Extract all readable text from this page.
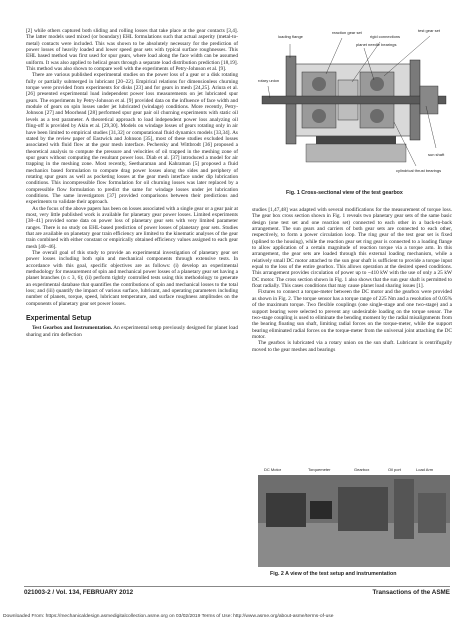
[2] while others captured both sliding and rolling losses that take place at the gear contacts [3,4]. The latter models used mixed (or boundary) EHL formulations such that actual asperity (metal-to-metal) contacts were included. This was shown to be absolutely necessary for the prediction of power losses of heavily loaded and lower speed gear sets with typical surface roughnesses. This EHL based method was first used for spur gears, where load along the face width can be assumed uniform. It was also applied to helical gears through a separate load distribution prediction [18,19]. This method was also shown to compare well with the experiments of Petry-Johnson et al. [9].

There are various published experimental studies on the power loss of a gear or a disk rotating fully or partially submerged in lubricant [20–22]. Empirical relations for dimensionless churning torque were provided from experiments for disks [23] and for gears in mesh [24,25]. Ariura et al. [26] presented experimental load independent power loss measurements on jet lubricated spur gears. The experiments by Petry-Johnson et al. [9] provided data on the influence of face width and module of gears on spin losses under jet lubricated (windage) conditions. More recently, Petry-Johnson [27] and Moorhead [28] performed spur gear pair oil churning experiments with static oil levels as a test parameter. A theoretical approach to load independent power loss analyzing oil fling-off is provided by Akin et al. [29,30]. Models on windage losses of gears rotating only in air have been limited to empirical studies [31,32] or computational fluid dynamics models [33,34]. As stated by the review paper of Eastwick and Johnson [35], most of these studies excluded losses associated with fluid flow at the gear mesh interface. Pechersky and Wittbrodt [36] proposed a theoretical analysis to compute the pressure and velocities of oil trapped in the meshing zone of spur gears without computing the resultant power loss. Diab et al. [37] introduced a model for air trapping in the meshing zone. Most recently, Seetharaman and Kahraman [5] proposed a fluid mechanics based formulation to compute drag power losses along the sides and periphery of rotating spur gears as well as pocketing losses at the gear mesh interface under dip lubrication conditions. This incompressible flow formulation for oil churning losses was later replaced by a compressible flow formulation to predict the same for windage losses under jet lubrication conditions. The same investigators [37] provided comparisons between their predictions and experiments to validate their approach.

As the focus of the above papers has been on losses associated with a single gear or a gear pair at most, very little published work is available for planetary gear power losses. Limited experiments [38–41] provided some data on power loss of planetary gear sets with very limited parameter ranges. There is no study on EHL-based prediction of power losses of planetary gear sets. Studies that are available on planetary gear train efficiency are limited to the kinematic analyses of the gear train combined with either constant or empirically obtained efficiency values assigned to each gear mesh [40–46].

The overall goal of this study to provide an experimental investigation of planetary gear set power losses including both spin and mechanical components through extensive tests. In accordance with this goal, specific objectives are as follows: (i) develop an experimental methodology for measurement of spin and mechanical power losses of a planetary gear set having a planet branches (n ≤ 3, 6); (ii) perform tightly controlled tests using this methodology to generate an experimental database that quantifies the contributions of spin and mechanical losses to the total loss; and (iii) quantify the impact of various surface, lubricant, and operating parameters including number of planets, torque, speed, lubricant temperature, and surface roughness amplitudes on the components of planetary gear set power losses.

Experimental Setup

Test Gearbox and Instrumentation. An experimental setup previously designed for planet load sharing and rim deflection

loading flange
reaction gear set
rigid connections
test gear set
planet needle bearings
rotary union
cylindrical thrust bearings
sun shaft
Fig. 1 Cross-sectional view of the test gearbox

studies [1,47,48] was adapted with several modifications for the measurement of torque loss. The gear box cross section shown in Fig. 1 reveals two planetary gear sets of the same basic design (one test set and one reaction set) connected to each other in a back-to-back arrangement. The sun gears and carriers of both gear sets are connected to each other, respectively, to form a power circulation loop. The ring gear of the test gear set is fixed (splined to the housing), while the reaction gear set ring gear is connected to a loading flange to allow application of a certain magnitude of reaction torque via a torque arm. In this arrangement, the gear sets are loaded through this external loading mechanism, while a relatively small DC motor attached to the sun gear shaft is sufficient to provide a torque input equal to the loss of the entire gearbox. This allows operation at the desired speed conditions. This arrangement provides circulation of power up to ~410 kW with the use of only a 25 kW DC motor. The cross section shown in Fig. 1 also shows that the sun gear shaft is permitted to float radially. This cases conditions that may cause planet load sharing issues [1].

Fixtures to connect a torque-meter between the DC motor and the gearbox were provided as shown in Fig. 2. The torque sensor has a torque range of 225 Nm and a resolution of 0.05% of the maximum torque. Two flexible couplings (one single-stage and one two-stage) and a support bearing were selected to prevent any undesirable loading on the torque sensor. The two-stage coupling is used to eliminate the bending moment by the radial misalignments from the bearing floating sun shaft, limiting radial forces on the torque-meter, while the support bearing eliminated radial forces on the torque-meter from the universal joint attaching the DC motor.

The gearbox is lubricated via a rotary union on the sun shaft. Lubricant is centrifugally moved to the gear meshes and bearings

DC Motor	Torquemeter	Gearbox	Oil port	Load Arm
Fig. 2 A view of the test setup and instrumentation
021003-2 / Vol. 134, FEBRUARY 2012	Transactions of the ASME
Downloaded From: https://mechanicaldesign.asmedigitalcollection.asme.org on 03/02/2019 Terms of Use: http://www.asme.org/about-asme/terms-of-use
